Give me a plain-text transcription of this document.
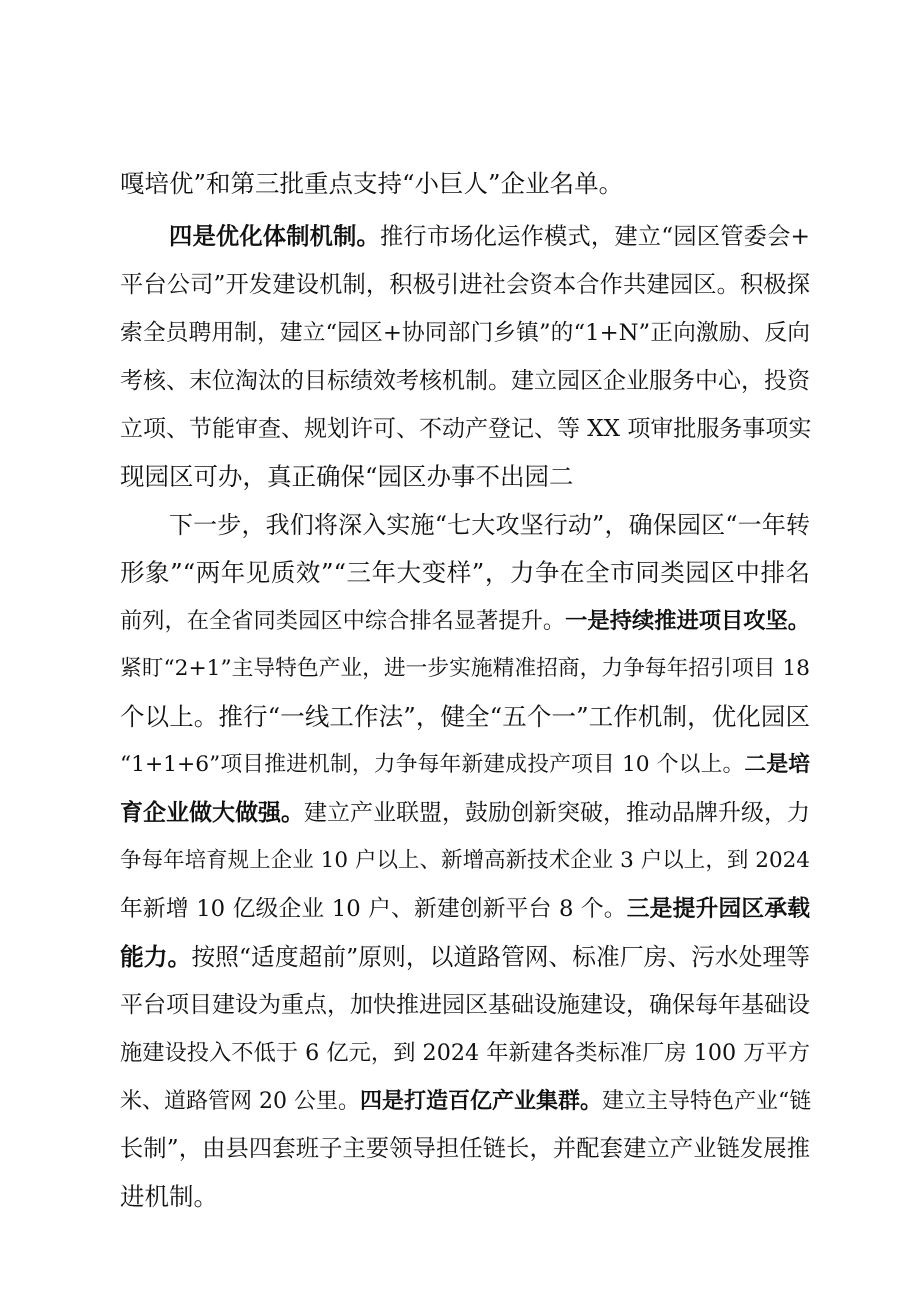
嘎培优”和第三批重点支持“小巨人”企业名单。
四是优化体制机制。推行市场化运作模式，建立“园区管委会+
平台公司”开发建设机制，积极引进社会资本合作共建园区。积极探
索全员聘用制，建立“园区+协同部门乡镇”的“1+N”正向激励、反向
考核、末位淘汰的目标绩效考核机制。建立园区企业服务中心，投资
立项、节能审查、规划许可、不动产登记、等 XX 项审批服务事项实
现园区可办，真正确保“园区办事不出园二
下一步，我们将深入实施“七大攻坚行动”，确保园区“一年转
形象”“两年见质效”“三年大变样”，力争在全市同类园区中排名
前列，在全省同类园区中综合排名显著提升。一是持续推进项目攻坚。
紧盯“2+1”主导特色产业，进一步实施精准招商，力争每年招引项目 18
个以上。推行“一线工作法”，健全“五个一”工作机制，优化园区
“1+1+6”项目推进机制，力争每年新建成投产项目 10 个以上。二是培
育企业做大做强。建立产业联盟，鼓励创新突破，推动品牌升级，力
争每年培育规上企业 10 户以上、新增高新技术企业 3 户以上，到 2024
年新增 10 亿级企业 10 户、新建创新平台 8 个。三是提升园区承载
能力。按照“适度超前”原则，以道路管网、标准厂房、污水处理等
平台项目建设为重点，加快推进园区基础设施建设，确保每年基础设
施建设投入不低于 6 亿元，到 2024 年新建各类标准厂房 100 万平方
米、道路管网 20 公里。四是打造百亿产业集群。建立主导特色产业“链
长制”，由县四套班子主要领导担任链长，并配套建立产业链发展推
进机制。
